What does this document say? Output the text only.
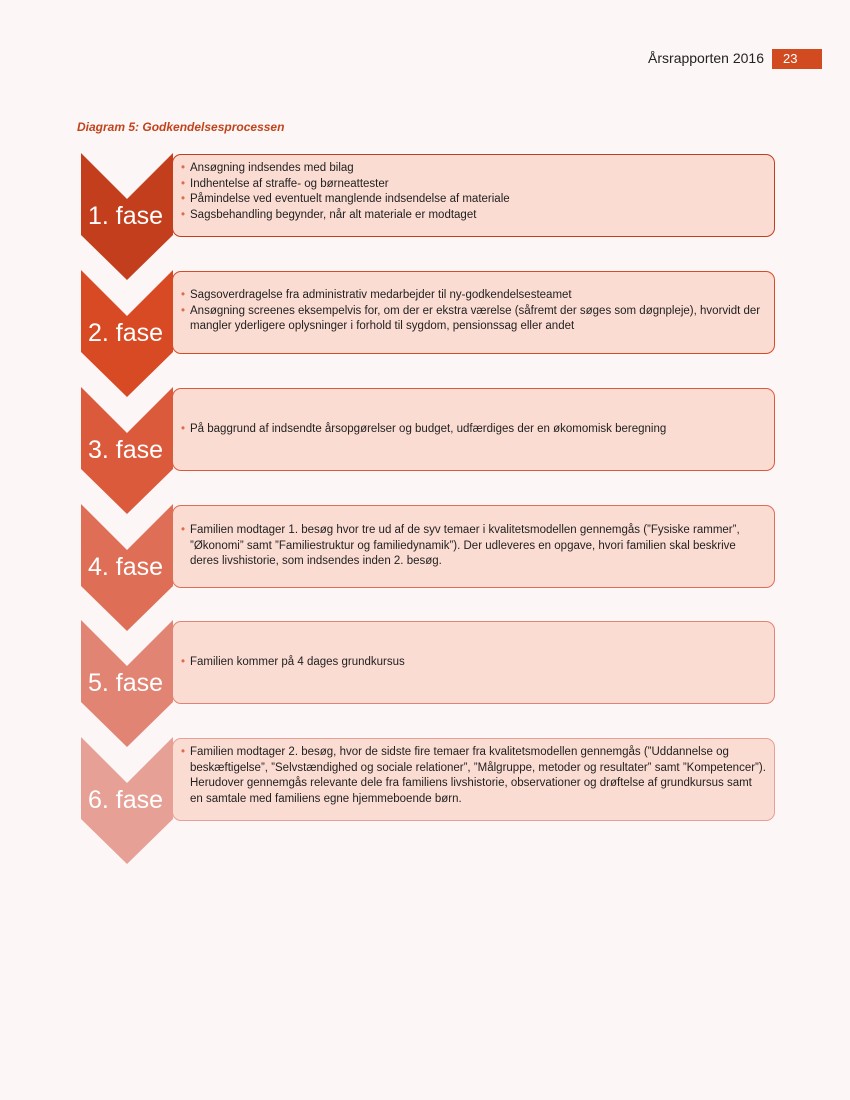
Årsrapporten 2016	23
Diagram 5: Godkendelsesprocessen
1. fase
• Ansøgning indsendes med bilag
• Indhentelse af straffe- og børneattester
• Påmindelse ved eventuelt manglende indsendelse af materiale
• Sagsbehandling begynder, når alt materiale er modtaget
2. fase
• Sagsoverdragelse fra administrativ medarbejder til ny-godkendelsesteamet
• Ansøgning screenes eksempelvis for, om der er ekstra værelse (såfremt der søges som døgnpleje), hvorvidt der mangler yderligere oplysninger i forhold til sygdom, pensionssag eller andet
3. fase
• På baggrund af indsendte årsopgørelser og budget, udfærdiges der en økomomisk beregning
4. fase
• Familien modtager 1. besøg hvor tre ud af de syv temaer i kvalitetsmodellen gennemgås (”Fysiske rammer”, ”Økonomi” samt ”Familiestruktur og familiedynamik”). Der udleveres en opgave, hvori familien skal beskrive deres livshistorie, som indsendes inden 2. besøg.
5. fase
• Familien kommer på 4 dages grundkursus
6. fase
• Familien modtager 2. besøg, hvor de sidste fire temaer fra kvalitetsmodellen gennemgås (”Uddannelse og beskæftigelse”, ”Selvstændighed og sociale relationer”, ”Målgruppe, metoder og resultater” samt ”Kompetencer”). Herudover gennemgås relevante dele fra familiens livshistorie, observationer og drøftelse af grundkursus samt en samtale med familiens egne hjemmeboende børn.
